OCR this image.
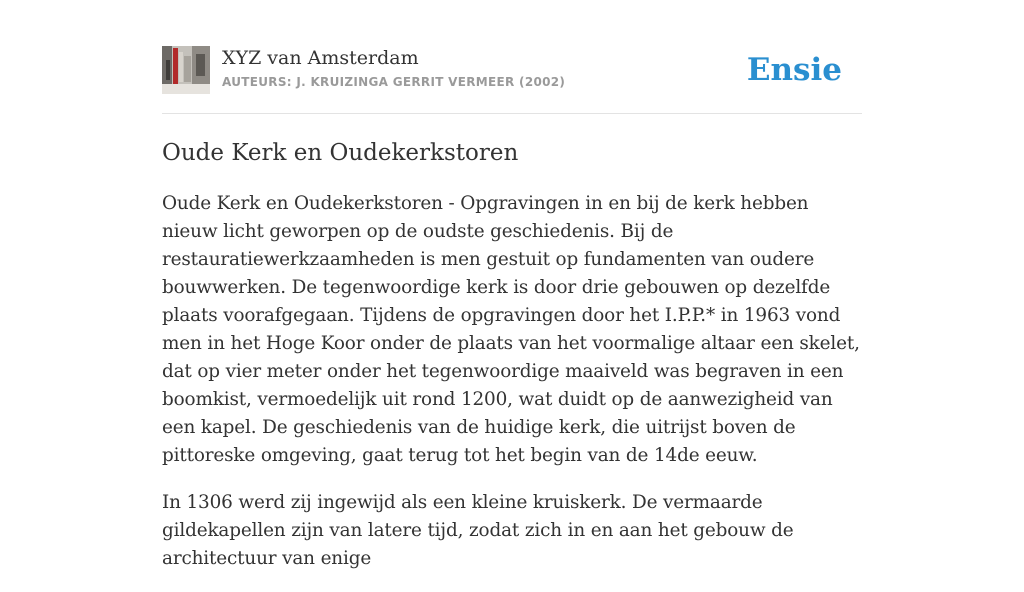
XYZ van Amsterdam
AUTEURS: J. KRUIZINGA GERRIT VERMEER (2002)	Ensie
Oude Kerk en Oudekerkstoren

Oude Kerk en Oudekerkstoren - Opgravingen in en bij de kerk hebben nieuw licht geworpen op de oudste geschiedenis. Bij de restauratiewerkzaamheden is men gestuit op fundamenten van oudere bouwwerken. De tegenwoordige kerk is door drie gebouwen op dezelfde plaats voorafgegaan. Tijdens de opgravingen door het I.P.P.* in 1963 vond men in het Hoge Koor onder de plaats van het voormalige altaar een skelet, dat op vier meter onder het tegenwoordige maaiveld was begraven in een boomkist, vermoedelijk uit rond 1200, wat duidt op de aanwezigheid van een kapel. De geschiedenis van de huidige kerk, die uitrijst boven de pittoreske omgeving, gaat terug tot het begin van de 14de eeuw.

In 1306 werd zij ingewijd als een kleine kruiskerk. De vermaarde gildekapellen zijn van latere tijd, zodat zich in en aan het gebouw de architectuur van enige
